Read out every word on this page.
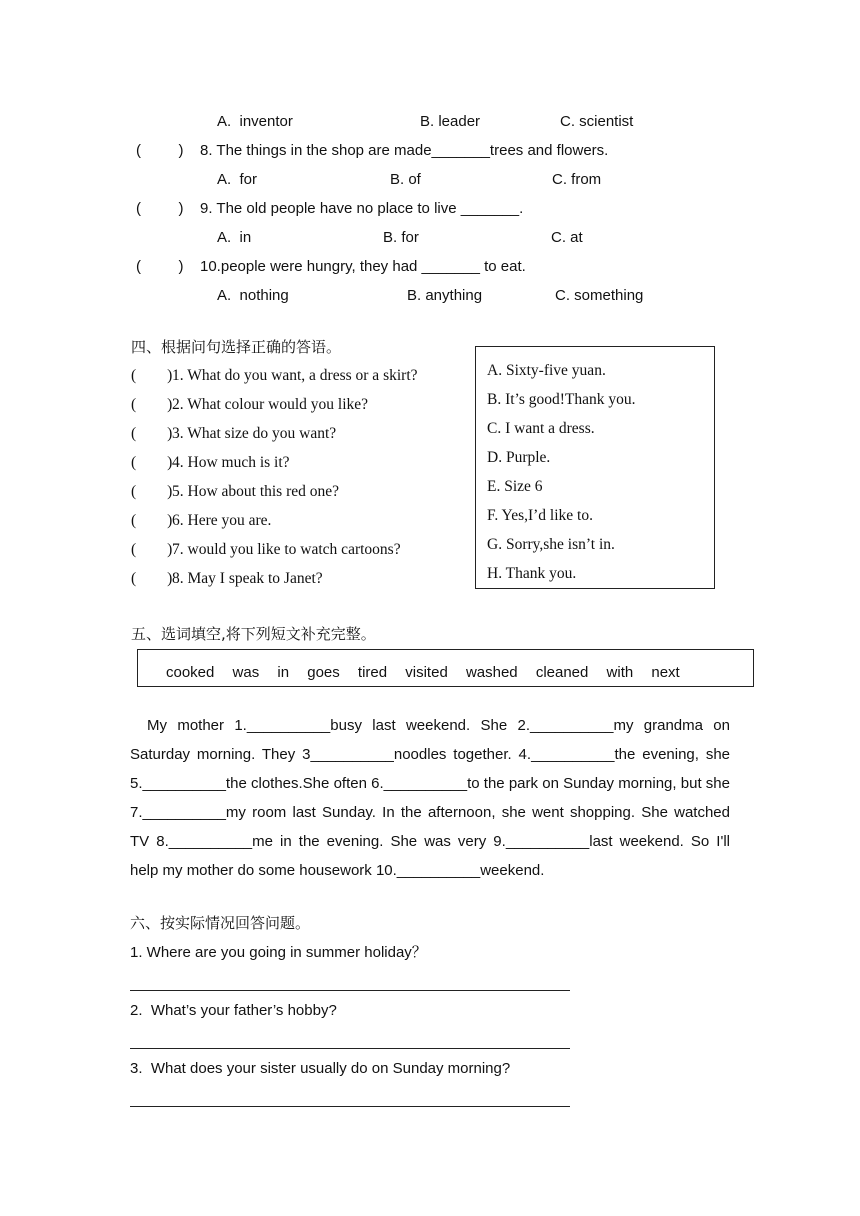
A.  inventor	B. leader	C. scientist
(         ) 8. The things in the shop are made_______trees and flowers.
A.  for	B. of	C. from
(         ) 9. The old people have no place to live _______.
A.  in	B. for	C. at
(         ) 10.people were hungry, they had _______ to eat.
A.  nothing	B. anything	C. something
四、根据问句选择正确的答语。
(        ) 1. What do you want, a dress or a skirt?
(        ) 2. What colour would you like?
(        ) 3. What size do you want?
(        ) 4. How much is it?
(        ) 5. How about this red one?
(        ) 6. Here you are.
(        ) 7. would you like to watch cartoons?
(        ) 8. May I speak to Janet?
A. Sixty-five yuan.
B. It’s good!Thank you.
C. I want a dress.
D. Purple.
E. Size 6
F. Yes,I’d like to.
G. Sorry,she isn’t in.
H. Thank you.
五、选词填空,将下列短文补充完整。
cooked was in goes tired visited washed cleaned with next
My mother 1.__________busy last weekend. She 2.__________my grandma on Saturday morning. They 3__________noodles together. 4.__________the evening, she 5.__________the clothes.She often 6.__________to the park on Sunday morning, but she 7.__________my room last Sunday. In the afternoon, she went shopping. She watched TV 8.__________me in the evening. She was very 9.__________last weekend. So I'll help my mother do some housework 10.__________weekend.
六、按实际情况回答问题。
1. Where are you going in summer holiday？
2.  What’s your father’s hobby?
3.  What does your sister usually do on Sunday morning?
